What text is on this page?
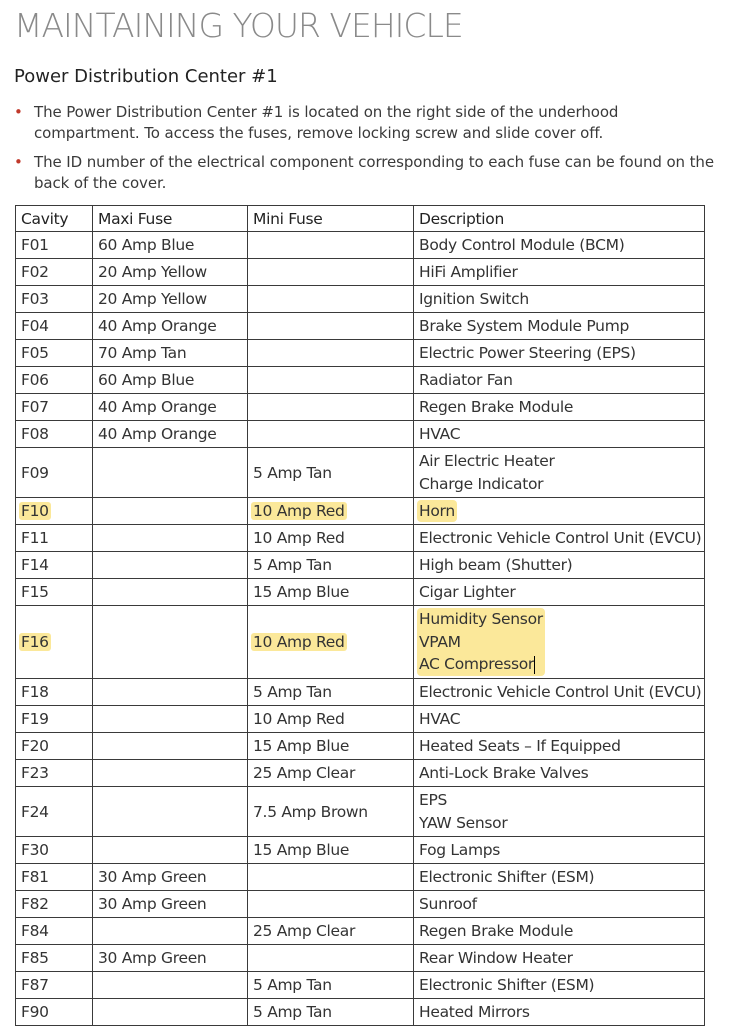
MAINTAINING YOUR VEHICLE
Power Distribution Center #1
• The Power Distribution Center #1 is located on the right side of the underhood compartment. To access the fuses, remove locking screw and slide cover off.
• The ID number of the electrical component corresponding to each fuse can be found on the back of the cover.
Cavity	Maxi Fuse	Mini Fuse	Description
F01	60 Amp Blue		Body Control Module (BCM)

F02	20 Amp Yellow		HiFi Amplifier

F03	20 Amp Yellow		Ignition Switch

F04	40 Amp Orange		Brake System Module Pump

F05	70 Amp Tan		Electric Power Steering (EPS)

F06	60 Amp Blue		Radiator Fan

F07	40 Amp Orange		Regen Brake Module

F08	40 Amp Orange		HVAC

F09		5 Amp Tan	Air Electric Heater
Charge Indicator

F10		10 Amp Red	Horn

F11		10 Amp Red	Electronic Vehicle Control Unit (EVCU)

F14		5 Amp Tan	High beam (Shutter)

F15		15 Amp Blue	Cigar Lighter

F16		10 Amp Red	Humidity Sensor
VPAM
AC Compressor

F18		5 Amp Tan	Electronic Vehicle Control Unit (EVCU)

F19		10 Amp Red	HVAC

F20		15 Amp Blue	Heated Seats – If Equipped

F23		25 Amp Clear	Anti-Lock Brake Valves

F24		7.5 Amp Brown	EPS
YAW Sensor

F30		15 Amp Blue	Fog Lamps

F81	30 Amp Green		Electronic Shifter (ESM)

F82	30 Amp Green		Sunroof

F84		25 Amp Clear	Regen Brake Module

F85	30 Amp Green		Rear Window Heater

F87		5 Amp Tan	Electronic Shifter (ESM)

F90		5 Amp Tan	Heated Mirrors
